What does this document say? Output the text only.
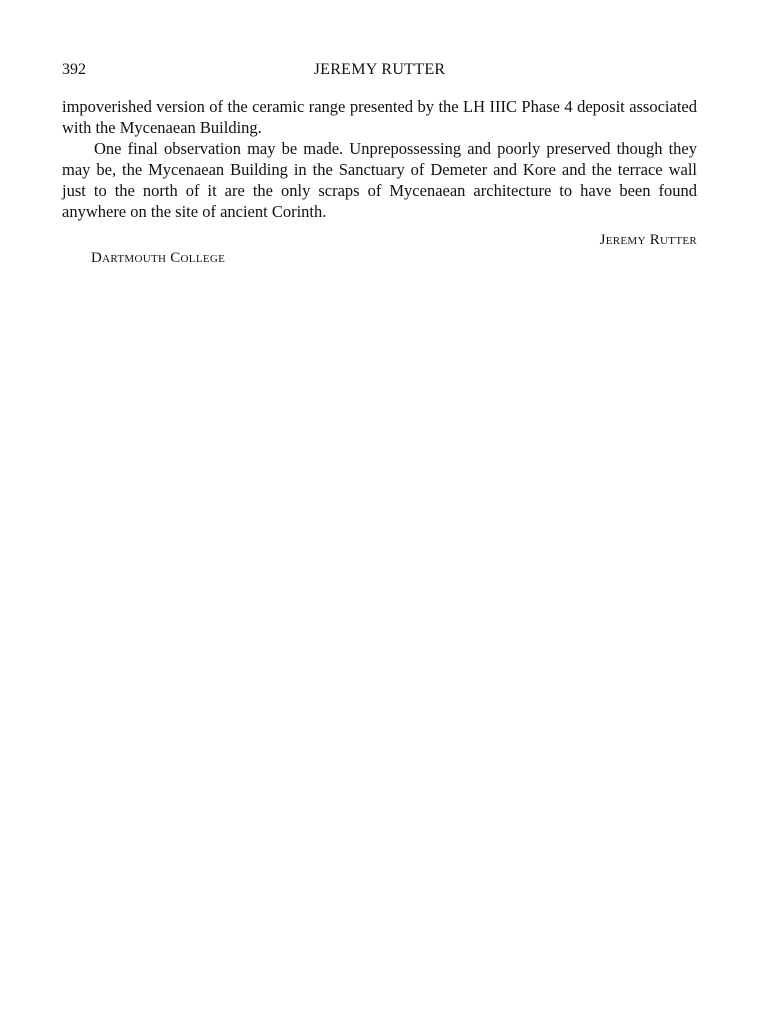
392	JEREMY RUTTER

impoverished version of the ceramic range presented by the LH IIIC Phase 4 deposit associated with the Mycenaean Building.

One final observation may be made. Unprepossessing and poorly preserved though they may be, the Mycenaean Building in the Sanctuary of Demeter and Kore and the terrace wall just to the north of it are the only scraps of Mycenaean architecture to have been found anywhere on the site of ancient Corinth.

Jeremy Rutter
Dartmouth College
